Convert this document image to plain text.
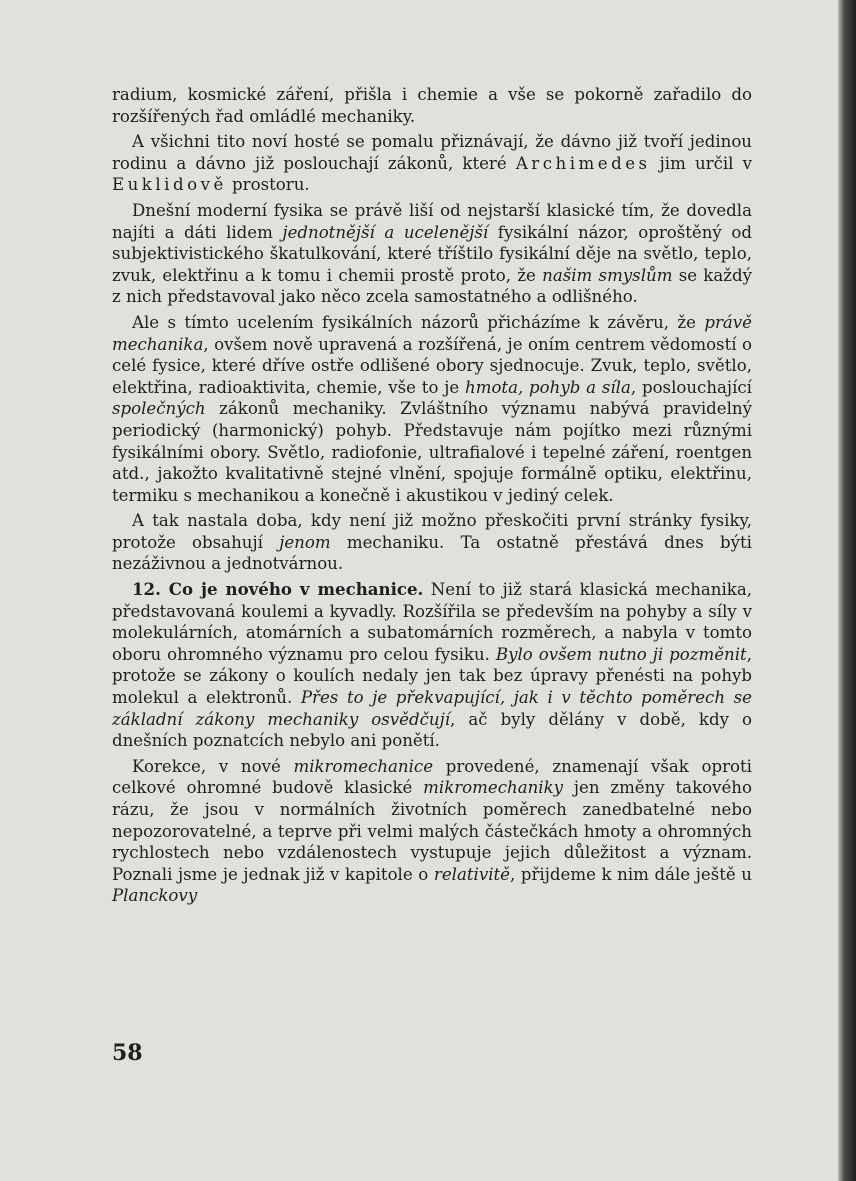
radium, kosmické záření, přišla i chemie a vše se pokorně zařadilo do rozšířených řad omládlé mechaniky.

A všichni tito noví hosté se pomalu přiznávají, že dávno již tvoří jedinou rodinu a dávno již poslouchají zákonů, které Archimedes jim určil v Euklidově prostoru.

Dnešní moderní fysika se právě liší od nejstarší klasické tím, že dovedla najíti a dáti lidem jednotnější a ucelenější fysikální názor, oproštěný od subjektivistického škatulkování, které tříštilo fysikální děje na světlo, teplo, zvuk, elektřinu a k tomu i chemii prostě proto, že našim smyslům se každý z nich představoval jako něco zcela samostatného a odlišného.

Ale s tímto ucelením fysikálních názorů přicházíme k závěru, že právě mechanika, ovšem nově upravená a rozšířená, je oním centrem vědomostí o celé fysice, které dříve ostře odlišené obory sjednocuje. Zvuk, teplo, světlo, elektřina, radioaktivita, chemie, vše to je hmota, pohyb a síla, poslouchající společných zákonů mechaniky. Zvláštního významu nabývá pravidelný periodický (harmonický) pohyb. Představuje nám pojítko mezi různými fysikálními obory. Světlo, radiofonie, ultrafialové i tepelné záření, roentgen atd., jakožto kvalitativně stejné vlnění, spojuje formálně optiku, elektřinu, termiku s mechanikou a konečně i akustikou v jediný celek.

A tak nastala doba, kdy není již možno přeskočiti první stránky fysiky, protože obsahují jenom mechaniku. Ta ostatně přestává dnes býti nezáživnou a jednotvárnou.

12. Co je nového v mechanice. Není to již stará klasická mechanika, představovaná koulemi a kyvadly. Rozšířila se především na pohyby a síly v molekulárních, atomárních a subatomárních rozměrech, a nabyla v tomto oboru ohromného významu pro celou fysiku. Bylo ovšem nutno ji pozměnit, protože se zákony o koulích nedaly jen tak bez úpravy přenésti na pohyb molekul a elektronů. Přes to je překvapující, jak i v těchto poměrech se základní zákony mechaniky osvědčují, ač byly dělány v době, kdy o dnešních poznatcích nebylo ani ponětí.

Korekce, v nové mikromechanice provedené, znamenají však oproti celkové ohromné budově klasické mikromechaniky jen změny takového rázu, že jsou v normálních životních poměrech zanedbatelné nebo nepozorovatelné, a teprve při velmi malých částečkách hmoty a ohromných rychlostech nebo vzdálenostech vystupuje jejich důležitost a význam. Poznali jsme je jednak již v kapitole o relativitě, přijdeme k nim dále ještě u Planckovy

58
